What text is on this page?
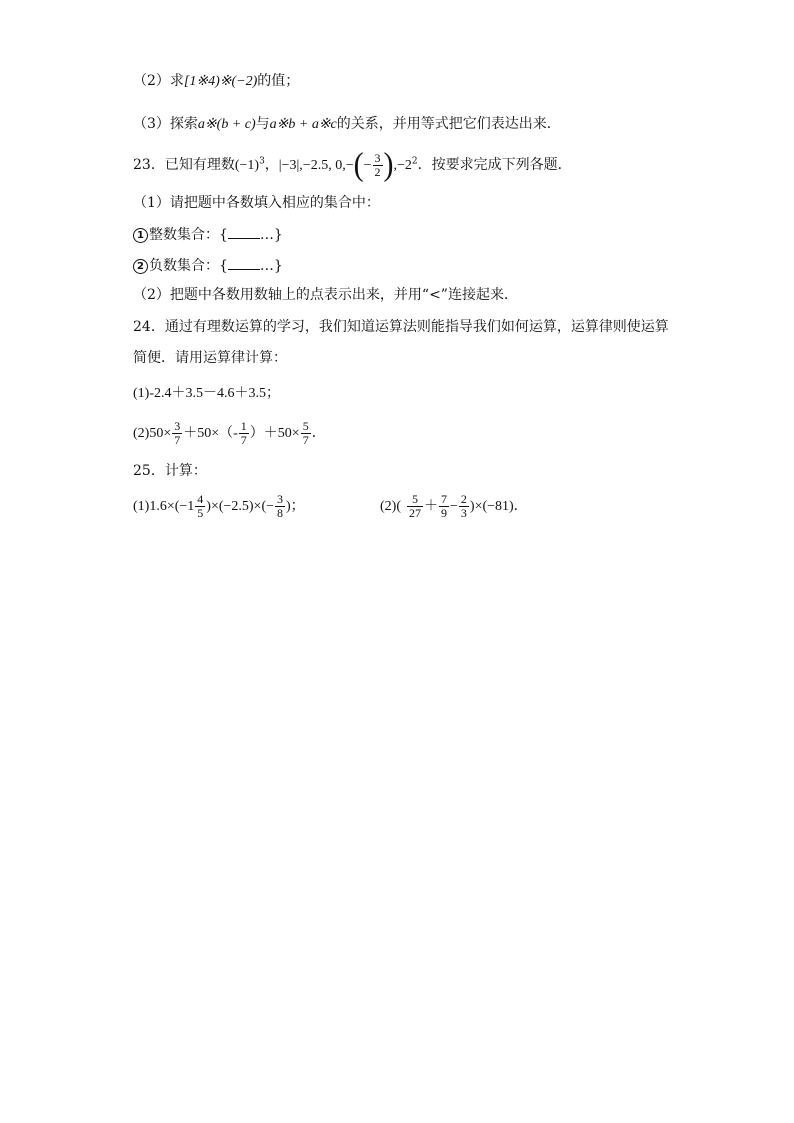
（2）求[1※4)※(−2)的值；
（3）探索a※(b + c)与a※b + a※c的关系，并用等式把它们表达出来．
23．已知有理数$(-1)^3$，|−3|,−2.5, $0,-(- \frac{3}{2} ),-2^2$．按要求完成下列各题．
（1）请把题中各数填入相应的集合中：
1 整数集合：{ …}
2 负数集合：{ …}
（2）把题中各数用数轴上的点表示出来，并用“<”连接起来．
24．通过有理数运算的学习，我们知道运算法则能指导我们如何运算，运算律则使运算
简便．请用运算律计算：
(1)-2.4＋3.5－4.6＋3.5；
$(2)50\times \frac{3}{7} +50\times(- \frac{1}{7} )+50\times \frac{5}{7}$ ．
25．计算：
$(1)1.6\times(-1 \frac{4}{5} )\times(-2.5)\times(- \frac{3}{8}$ )；	$(2)( \frac{5}{27} + \frac{7}{9} - \frac{2}{3} )\times(-81)$．
